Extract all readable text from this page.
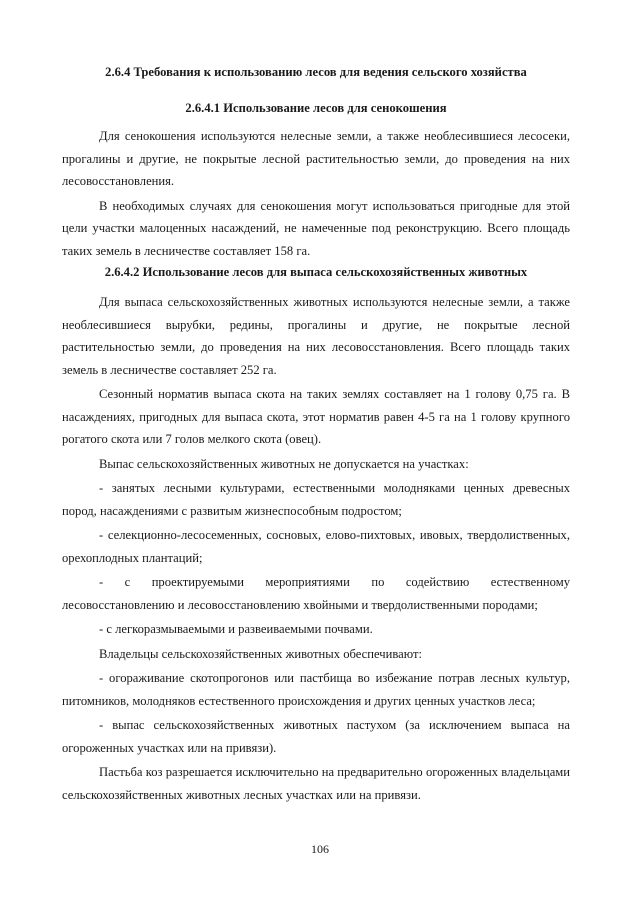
2.6.4 Требования к использованию лесов для ведения сельского хозяйства
2.6.4.1 Использование лесов для сенокошения

Для сенокошения используются нелесные земли, а также необлесившиеся лесосеки, прогалины и другие, не покрытые лесной растительностью земли, до проведения на них лесовосстановления.

В необходимых случаях для сенокошения могут использоваться пригодные для этой цели участки малоценных насаждений, не намеченные под реконструкцию. Всего площадь таких земель в лесничестве составляет 158 га.

2.6.4.2 Использование лесов для выпаса сельскохозяйственных животных

Для выпаса сельскохозяйственных животных используются нелесные земли, а также необлесившиеся вырубки, редины, прогалины и другие, не покрытые лесной растительностью земли, до проведения на них лесовосстановления. Всего площадь таких земель в лесничестве составляет 252 га.

Сезонный норматив выпаса скота на таких землях составляет на 1 голову 0,75 га. В насаждениях, пригодных для выпаса скота, этот норматив равен 4-5 га на 1 голову крупного рогатого скота или 7 голов мелкого скота (овец).

Выпас сельскохозяйственных животных не допускается на участках:

- занятых лесными культурами, естественными молодняками ценных древесных пород, насаждениями с развитым жизнеспособным подростом;

- селекционно-лесосеменных, сосновых, елово-пихтовых, ивовых, твердолиственных, орехоплодных плантаций;

- с проектируемыми мероприятиями по содействию естественному лесовосстановлению и лесовосстановлению хвойными и твердолиственными породами;

- с легкоразмываемыми и развеиваемыми почвами.

Владельцы сельскохозяйственных животных обеспечивают:

- огораживание скотопрогонов или пастбища во избежание потрав лесных культур, питомников, молодняков естественного происхождения и других ценных участков леса;

- выпас сельскохозяйственных животных пастухом (за исключением выпаса на огороженных участках или на привязи).

Пастьба коз разрешается исключительно на предварительно огороженных владельцами сельскохозяйственных животных лесных участках или на привязи.

106
